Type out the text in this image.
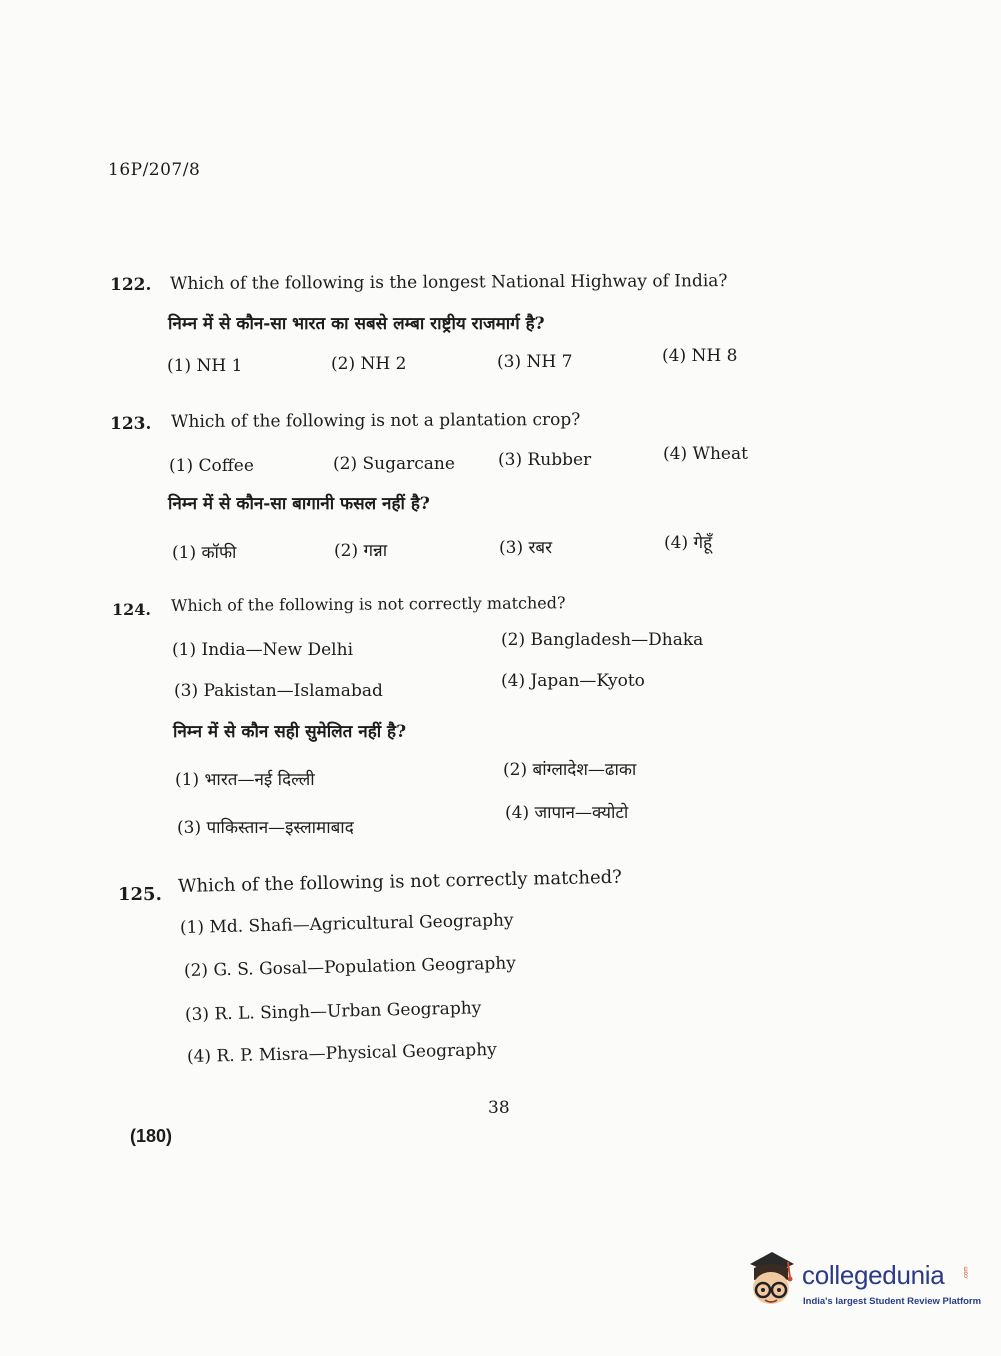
16P/207/8
122. Which of the following is the longest National Highway of India?
निम्न में से कौन-सा भारत का सबसे लम्बा राष्ट्रीय राजमार्ग है?
(1) NH 1	(2) NH 2	(3) NH 7	(4) NH 8
123. Which of the following is not a plantation crop?
(1) Coffee	(2) Sugarcane	(3) Rubber	(4) Wheat
निम्न में से कौन-सा बागानी फसल नहीं है?
(1) कॉफी	(2) गन्ना	(3) रबर	(4) गेहूँ
124. Which of the following is not correctly matched?
(1) India—New Delhi	(2) Bangladesh—Dhaka
(3) Pakistan—Islamabad	(4) Japan—Kyoto
निम्न में से कौन सही सुमेलित नहीं है?
(1) भारत—नई दिल्ली	(2) बांग्लादेश—ढाका
(3) पाकिस्तान—इस्लामाबाद
(4) जापान—क्योटो
125. Which of the following is not correctly matched?
(1) Md. Shafi—Agricultural Geography
(2) G. S. Gosal—Population Geography
(3) R. L. Singh—Urban Geography
(4) R. P. Misra—Physical Geography
38
(180)
collegedunia	.com
India's largest Student Review Platform
